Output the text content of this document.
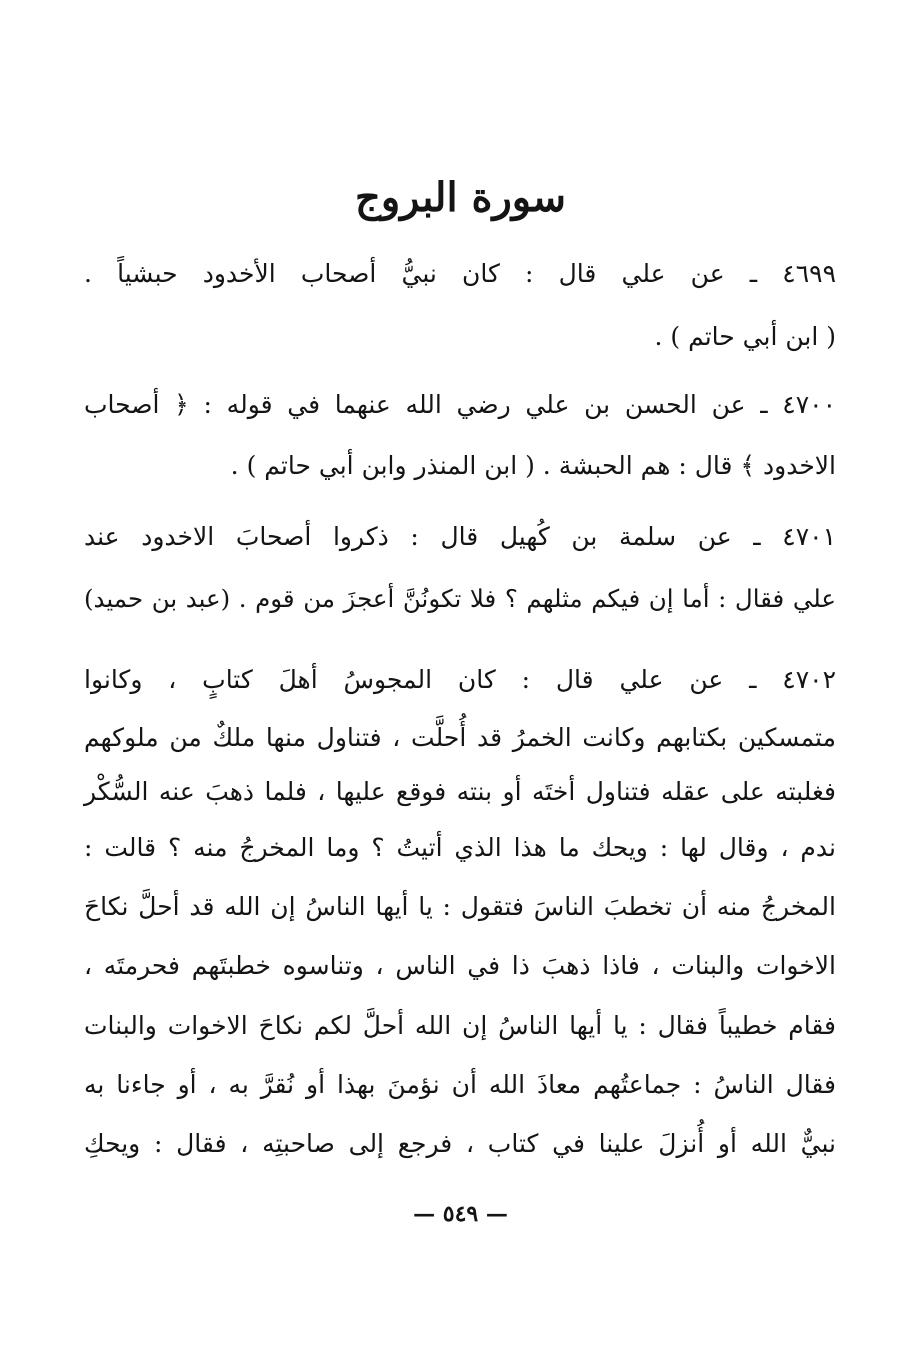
سورة البروج

٤٦٩٩ ـ عن علي قال : كان نبيُّ أصحاب الأخدود حبشياً .

( ابن أبي حاتم ) .

٤٧٠٠ ـ عن الحسن بن علي رضي الله عنهما في قوله : ﴿ أصحاب

الاخدود ﴾ قال : هم الحبشة . ( ابن المنذر وابن أبي حاتم ) .

٤٧٠١ ـ عن سلمة بن كُهيل قال : ذكروا أصحابَ الاخدود عند

علي فقال : أما إن فيكم مثلهم ؟ فلا تكونُنَّ أعجزَ من قوم . (عبد بن حميد)

٤٧٠٢ ـ عن علي قال : كان المجوسُ أهلَ كتابٍ ، وكانوا

متمسكين بكتابهم وكانت الخمرُ قد أُحلَّت ، فتناول منها ملكٌ من ملوكهم

فغلبته على عقله فتناول أختَه أو بنته فوقع عليها ، فلما ذهبَ عنه السُّكْر

ندم ، وقال لها : ويحك ما هذا الذي أتيتُ ؟ وما المخرجُ منه ؟ قالت :

المخرجُ منه أن تخطبَ الناسَ فتقول : يا أيها الناسُ إن الله قد أحلَّ نكاحَ

الاخوات والبنات ، فاذا ذهبَ ذا في الناس ، وتناسوه خطبتَهم فحرمتَه ،

فقام خطيباً فقال : يا أيها الناسُ إن الله أحلَّ لكم نكاحَ الاخوات والبنات

فقال الناسُ : جماعتُهم معاذَ الله أن نؤمنَ بهذا أو نُقرَّ به ، أو جاءنا به

نبيٌّ الله أو أُنزلَ علينا في كتاب ، فرجع إلى صاحبتِه ، فقال : ويحكِ

— ٥٤٩ —
